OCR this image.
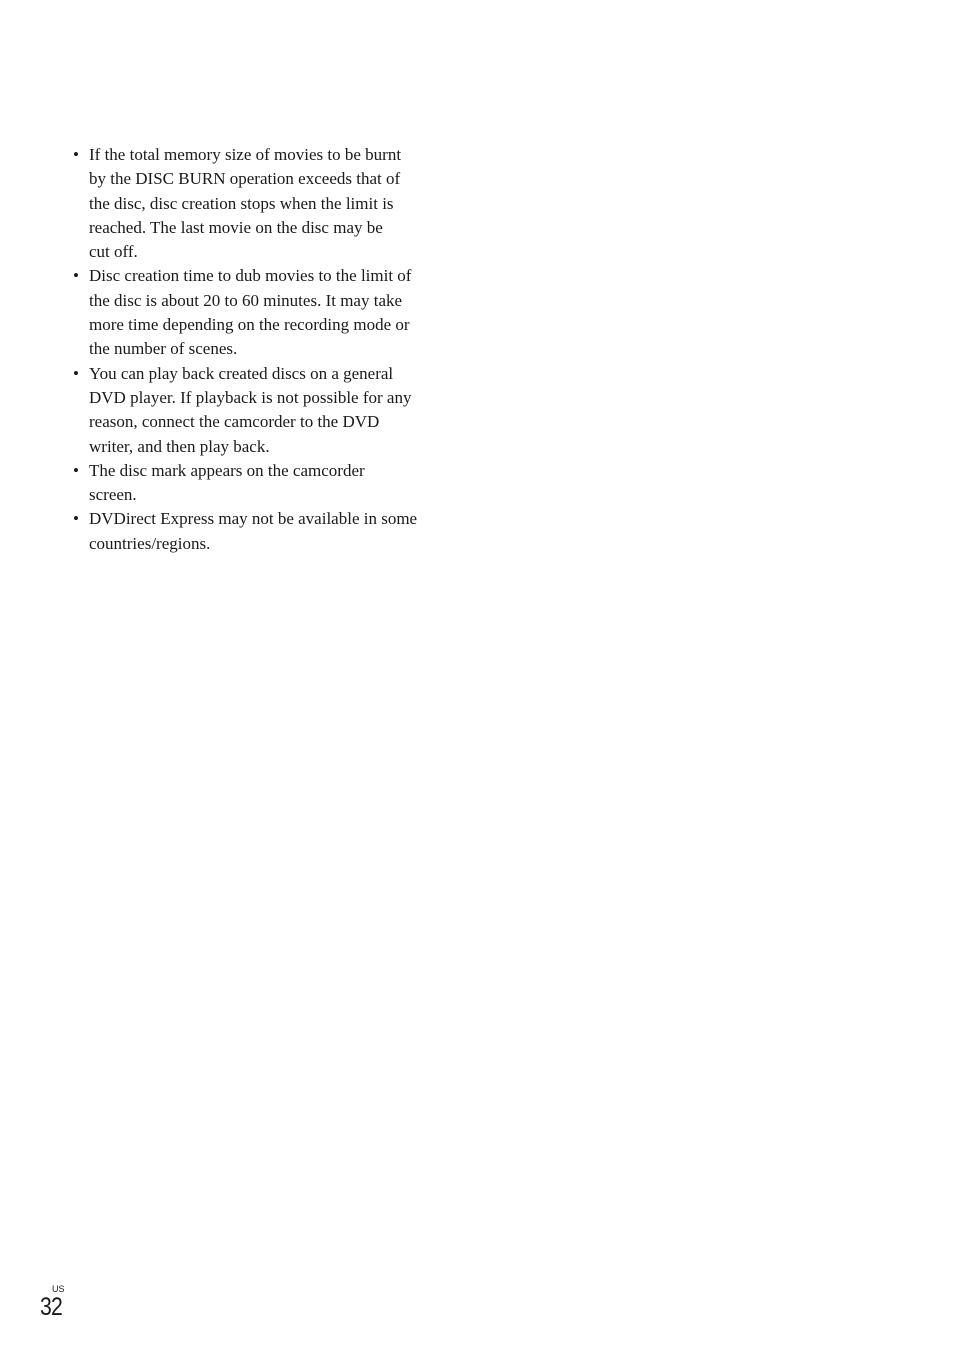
• If the total memory size of movies to be burnt
by the DISC BURN operation exceeds that of
the disc, disc creation stops when the limit is
reached. The last movie on the disc may be
cut off.
• Disc creation time to dub movies to the limit of
the disc is about 20 to 60 minutes. It may take
more time depending on the recording mode or
the number of scenes.
• You can play back created discs on a general
DVD player. If playback is not possible for any
reason, connect the camcorder to the DVD
writer, and then play back.
• The disc mark appears on the camcorder
screen.
• DVDirect Express may not be available in some
countries/regions.
US
32
